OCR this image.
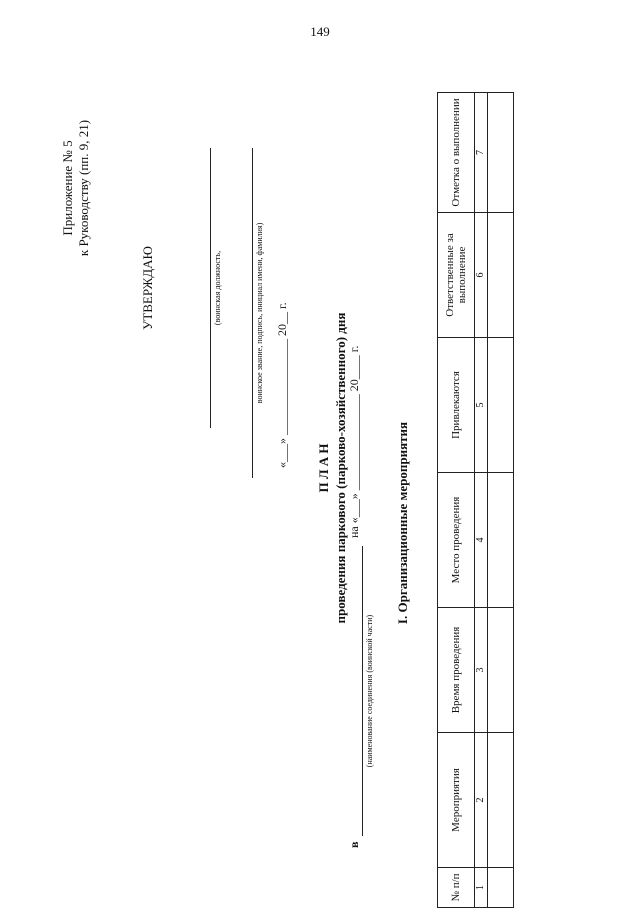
149
Приложение № 5 к Руководству (пп. 9, 21)
УТВЕРЖДАЮ	(воинская должность,	воинское звание, подпись, инициал имени, фамилия) «___» ________________ 20__ г. П Л А Н проведения паркового (парково-хозяйственного) дня
в
(наименование соединения (воинской части)
на «___» ________________ 20____ г.	I. Организационные мероприятия
№ п/п	Мероприятия	Время проведения	Место проведения	Привлекаются	Ответственные за выполнение	Отметка о выполнении
1	2	3	4	5	6	7
